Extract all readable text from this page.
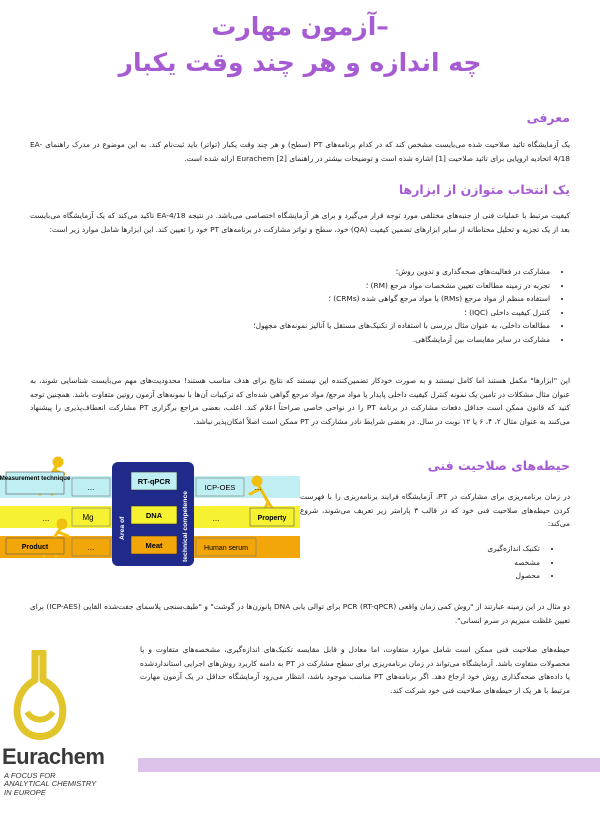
آزمون مهارت–
چه اندازه و هر چند وقت یکبار
معرفی
یک آزمایشگاه تائید صلاحیت شده می‌بایست مشخص کند که در کدام برنامه‌های PT (سطح) و هر چند وقت یکبار (تواتر) باید ثبت‌نام کند. به این موضوع در مدرک راهنمای EA-4/18 اتحادیه اروپایی برای تائید صلاحیت [1] اشاره شده است و توضیحات بیشتر در راهنمای Eurachem [2] ارائه شده است.
یک انتخاب متوازن از ابزارها
کیفیت مرتبط با عملیات فنی از جنبه‌های مختلفی مورد توجه قرار می‌گیرد و برای هر آزمایشگاه اختصاصی می‌باشد. در نتیجه EA-4/18 تاکید می‌کند که یک آزمایشگاه می‌بایست بعد از یک تجزیه و تحلیل محتاطانه از سایر ابزارهای تضمین کیفیت (QA) خود، سطح و تواتر مشارکت در برنامه‌های PT خود را تعیین کند. این ابزارها شامل موارد زیر است:
• مشارکت در فعالیت‌های صحه‌گذاری و تدوین روش؛
• تجربه در زمینه مطالعات تعیین مشخصات مواد مرجع (RM) ؛
• استفاده منظم از مواد مرجع (RMs) یا مواد مرجع گواهی شده (CRMs) ؛
• کنترل کیفیت داخلی (IQC) ؛
• مطالعات داخلی، به عنوان مثال بررسی با استفاده از تکنیک‌های مستقل یا آنالیز نمونه‌های مجهول؛
• مشارکت در سایر مقایسات بین آزمایشگاهی.
این "ابزارها" مکمل هستند اما کامل نیستند و به صورت خودکار تضمین‌کننده این نیستند که نتایج برای هدف مناسب هستند! محدودیت‌های مهم می‌بایست شناسایی شوند، به عنوان مثال مشکلات در تامین یک نمونه کنترل کیفیت داخلی پایدار یا مواد مرجع/ مواد مرجع گواهی شده‌ای که ترکیبات آن‌ها با نمونه‌های آزمون روتین متفاوت باشد. همچنین توجه کنید که قانون ممکن است حداقل دفعات مشارکت در برنامه PT را در نواحی خاصی صراحتاً اعلام کند. اغلب، بعضی مراجع برگزاری PT مشارکت انعطاف‌پذیری را پیشنهاد می‌کنند به عنوان مثال ۲، ۴، ۶ یا ۱۲ نوبت در سال. در بعضی شرایط نادر مشارکت در PT ممکن است اصلاً امکان‌پذیر نباشد.
حیطه‌های صلاحیت فنی
در زمان برنامه‌ریزی برای مشارکت در PT، آزمایشگاه فرایند برنامه‌ریزی را با فهرست کردن حیطه‌های صلاحیت فنی خود که در قالب ۳ پارامتر زیر تعریف می‌شوند، شروع می‌کند:
• تکنیک اندازه‌گیری
• مشخصه
• محصول
دو مثال در این زمینه عبارتند از "روش کمی زمان واقعی PCR (RT-qPCR) برای توالی یابی DNA پانوزن‌ها در گوشت" و "طیف‌سنجی پلاسمای جفت‌شده القایی (ICP-AES) برای تعیین غلظت منیزیم در سرم انسانی".
حیطه‌های صلاحیت فنی ممکن است شامل موارد متفاوت، اما معادل و قابل مقایسه تکنیک‌های اندازه‌گیری، مشخصه‌های متفاوت و یا محصولات متفاوت باشد. آزمایشگاه می‌تواند در زمان برنامه‌ریزی برای سطح مشارکت در PT به دامنه کاربرد روش‌های اجرایی استانداردشده یا داده‌های صحه‌گذاری روش خود ارجاع دهد. اگر برنامه‌های PT مناسب موجود باشد، انتظار می‌رود آزمایشگاه حداقل در یک آزمون مهارت مرتبط با هر یک از حیطه‌های صلاحیت فنی خود شرکت کند.
Measurement technique
Product
...
...
Mg
...
Area of	technical competence
RT-qPCR
DNA
Meat
ICP-OES
...
Human serum
...
Property
Eurachem
A FOCUS FOR
ANALYTICAL CHEMISTRY
IN EUROPE
